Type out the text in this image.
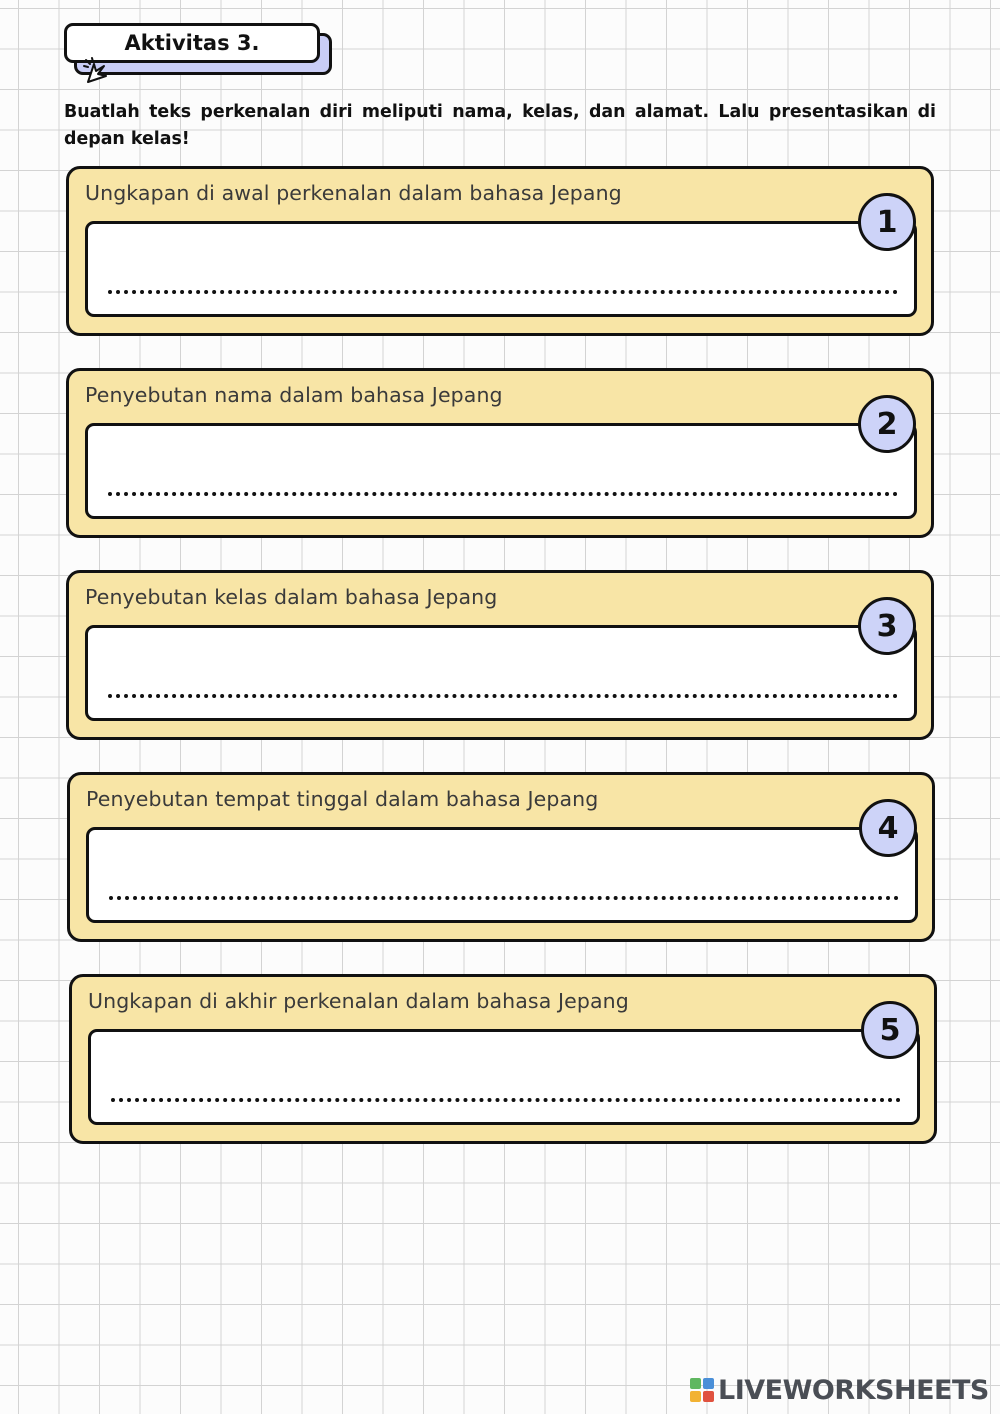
Aktivitas 3.

Buatlah teks perkenalan diri meliputi nama, kelas, dan alamat. Lalu presentasikan di depan kelas!

Ungkapan di awal perkenalan dalam bahasa Jepang
1
Penyebutan nama dalam bahasa Jepang
2
Penyebutan kelas dalam bahasa Jepang
3
Penyebutan tempat tinggal dalam bahasa Jepang
4
Ungkapan di akhir perkenalan dalam bahasa Jepang
5
LIVEWORKSHEETS
